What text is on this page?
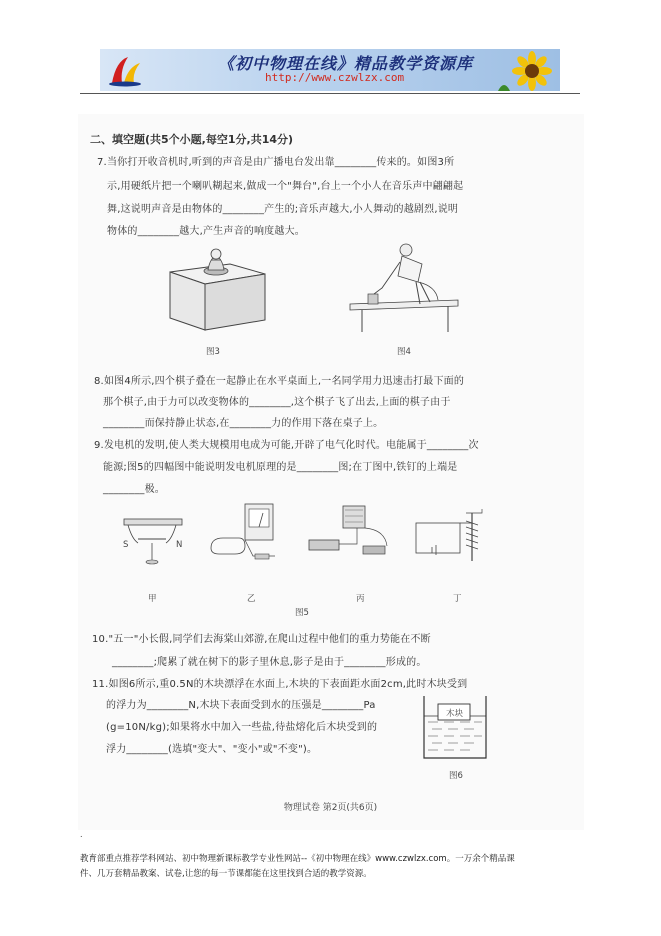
《初中物理在线》精品教学资源库
http://www.czwlzx.com
二、填空题(共5个小题,每空1分,共14分)
7.当你打开收音机时,听到的声音是由广播电台发出靠________传来的。如图3所
示,用硬纸片把一个喇叭糊起来,做成一个"舞台",台上一个小人在音乐声中翩翩起
舞,这说明声音是由物体的________产生的;音乐声越大,小人舞动的越剧烈,说明
物体的________越大,产生声音的响度越大。
图3	图4
8.如图4所示,四个棋子叠在一起静止在水平桌面上,一名同学用力迅速击打最下面的
那个棋子,由于力可以改变物体的________,这个棋子飞了出去,上面的棋子由于
________而保持静止状态,在________力的作用下落在桌子上。
9.发电机的发明,使人类大规模用电成为可能,开辟了电气化时代。电能属于________次
能源;图5的四幅图中能说明发电机原理的是________图;在丁图中,铁钉的上端是
________极。
S	N
甲	乙	丙	丁
图5
10."五一"小长假,同学们去海棠山郊游,在爬山过程中他们的重力势能在不断
________;爬累了就在树下的影子里休息,影子是由于________形成的。
11.如图6所示,重0.5N的木块漂浮在水面上,木块的下表面距水面2cm,此时木块受到
的浮力为________N,木块下表面受到水的压强是________Pa
(g=10N/kg);如果将水中加入一些盐,待盐熔化后木块受到的
浮力________(选填"变大"、"变小"或"不变")。
木块
图6
物理试卷 第2页(共6页)
.
教育部重点推荐学科网站、初中物理新课标教学专业性网站--《初中物理在线》www.czwlzx.com。一万余个精品课
件、几万套精品教案、试卷,让您的每一节课都能在这里找到合适的教学资源。
